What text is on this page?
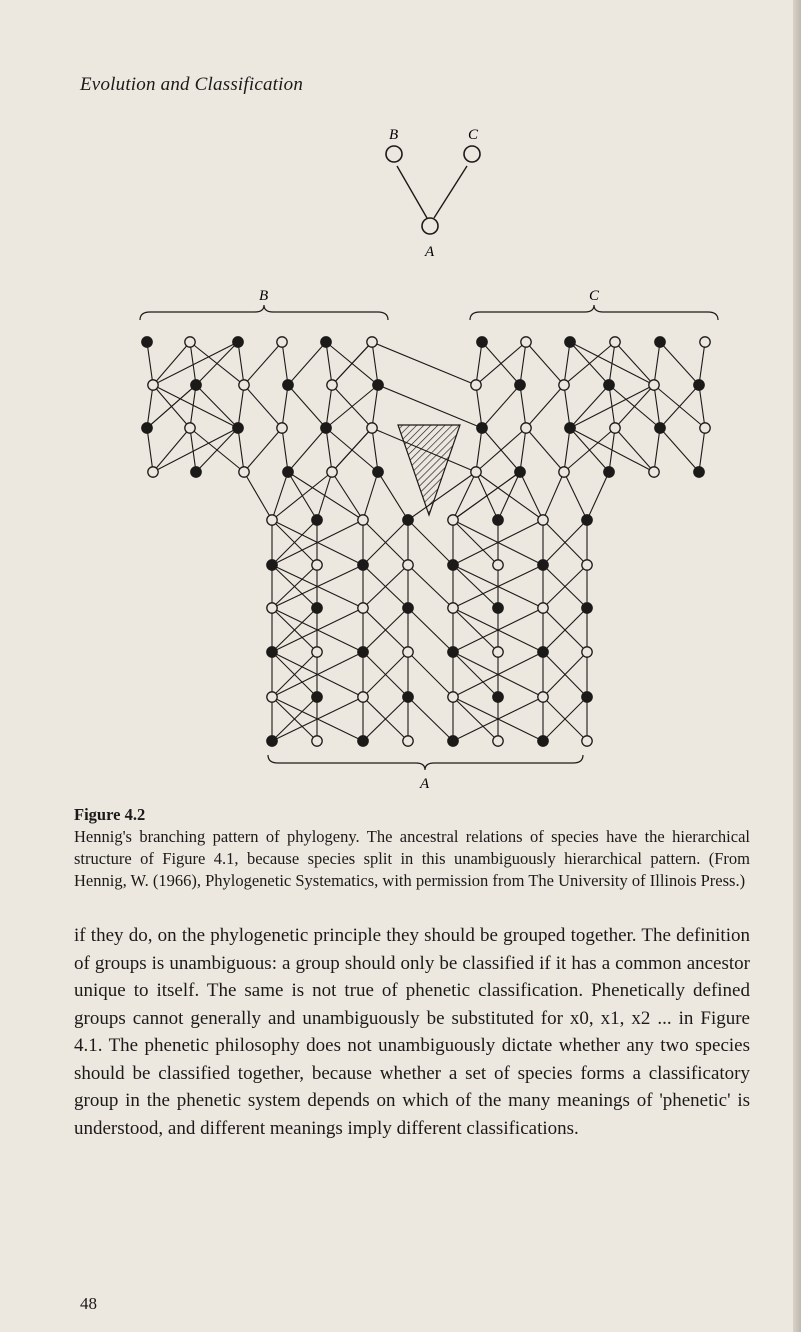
Evolution and Classification
B	C
A
B	C
A
Figure 4.2
Hennig's branching pattern of phylogeny. The ancestral relations of species have the hierarchical structure of Figure 4.1, because species split in this unambiguously hierarchical pattern. (From Hennig, W. (1966), Phylogenetic Systematics, with permission from The University of Illinois Press.)

if they do, on the phylogenetic principle they should be grouped together. The definition of groups is unambiguous: a group should only be classified if it has a common ancestor unique to itself. The same is not true of phenetic classification. Phenetically defined groups cannot generally and unambiguously be substituted for x0, x1, x2 ... in Figure 4.1. The phenetic philosophy does not unambiguously dictate whether any two species should be classified together, because whether a set of species forms a classificatory group in the phenetic system depends on which of the many meanings of 'phenetic' is understood, and different meanings imply different classifications.

48
